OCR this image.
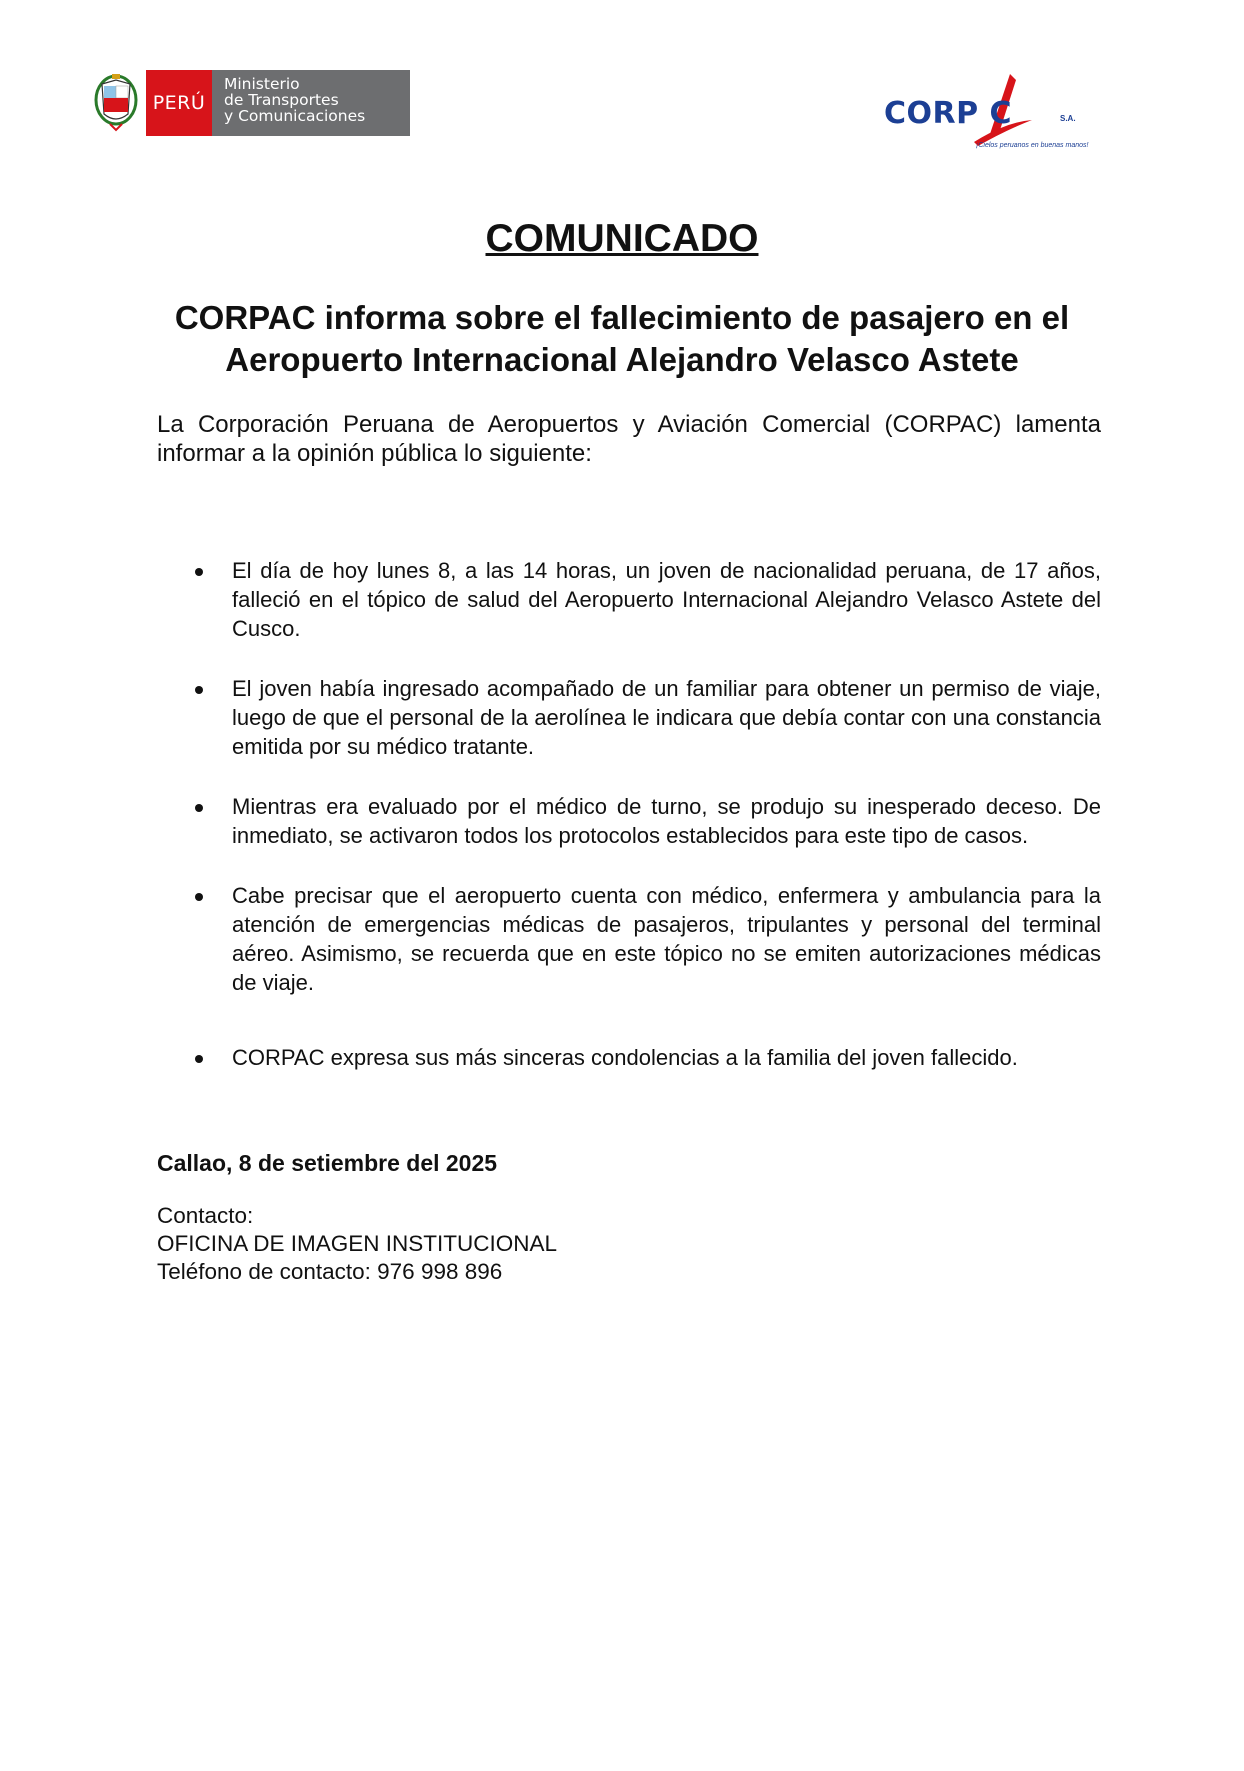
PERÚ
Ministerio
de Transportes
y Comunicaciones	CORP C	S.A.
¡Cielos peruanos en buenas manos!
COMUNICADO
CORPAC informa sobre el fallecimiento de pasajero en el Aeropuerto Internacional Alejandro Velasco Astete
La Corporación Peruana de Aeropuertos y Aviación Comercial (CORPAC) lamenta informar a la opinión pública lo siguiente:
El día de hoy lunes 8, a las 14 horas, un joven de nacionalidad peruana, de 17 años, falleció en el tópico de salud del Aeropuerto Internacional Alejandro Velasco Astete del Cusco.
El joven había ingresado acompañado de un familiar para obtener un permiso de viaje, luego de que el personal de la aerolínea le indicara que debía contar con una constancia emitida por su médico tratante.
Mientras era evaluado por el médico de turno, se produjo su inesperado deceso. De inmediato, se activaron todos los protocolos establecidos para este tipo de casos.
Cabe precisar que el aeropuerto cuenta con médico, enfermera y ambulancia para la atención de emergencias médicas de pasajeros, tripulantes y personal del terminal aéreo. Asimismo, se recuerda que en este tópico no se emiten autorizaciones médicas de viaje.
CORPAC expresa sus más sinceras condolencias a la familia del joven fallecido.
Callao, 8 de setiembre del 2025
Contacto:
OFICINA DE IMAGEN INSTITUCIONAL
Teléfono de contacto: 976 998 896
